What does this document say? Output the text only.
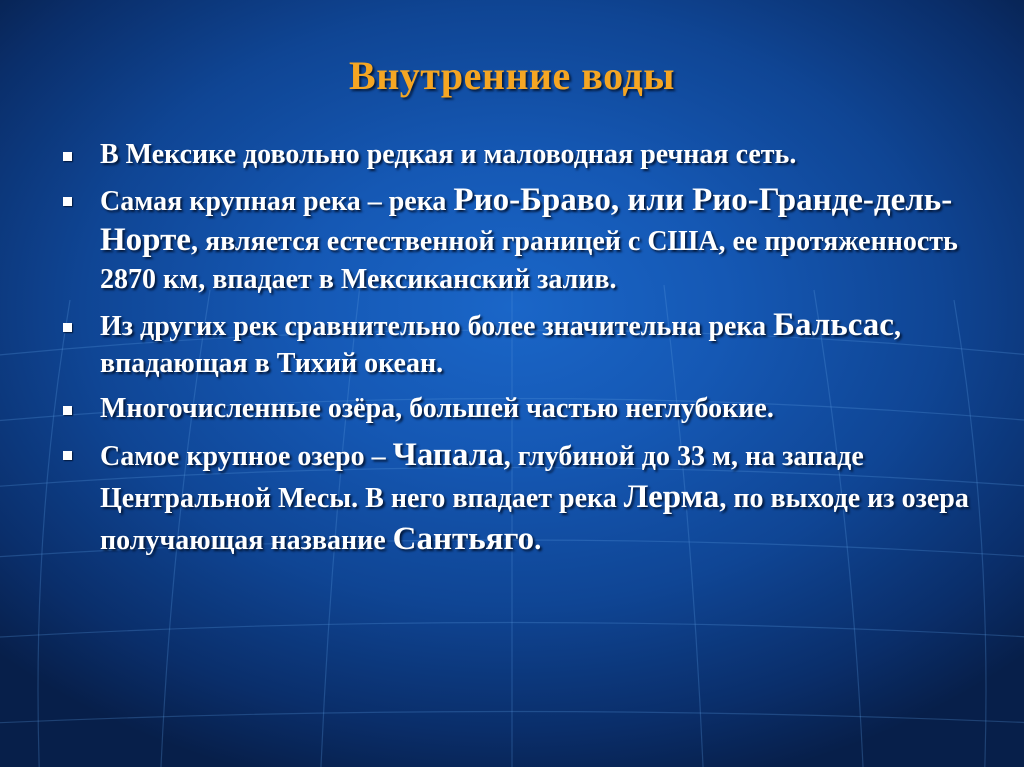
Внутренние воды
В Мексике довольно редкая и маловодная речная сеть.
Самая крупная река – река Рио-Браво, или Рио-Гранде-дель-Норте, является естественной границей с США, ее протяженность 2870 км, впадает в Мексиканский залив.
Из других рек сравнительно более значительна река Бальсас, впадающая в Тихий океан.
Многочисленные озёра, большей частью неглубокие.
Самое крупное озеро – Чапала, глубиной до 33 м, на западе Центральной Месы. В него впадает река Лерма, по выходе из озера получающая название Сантьяго.
